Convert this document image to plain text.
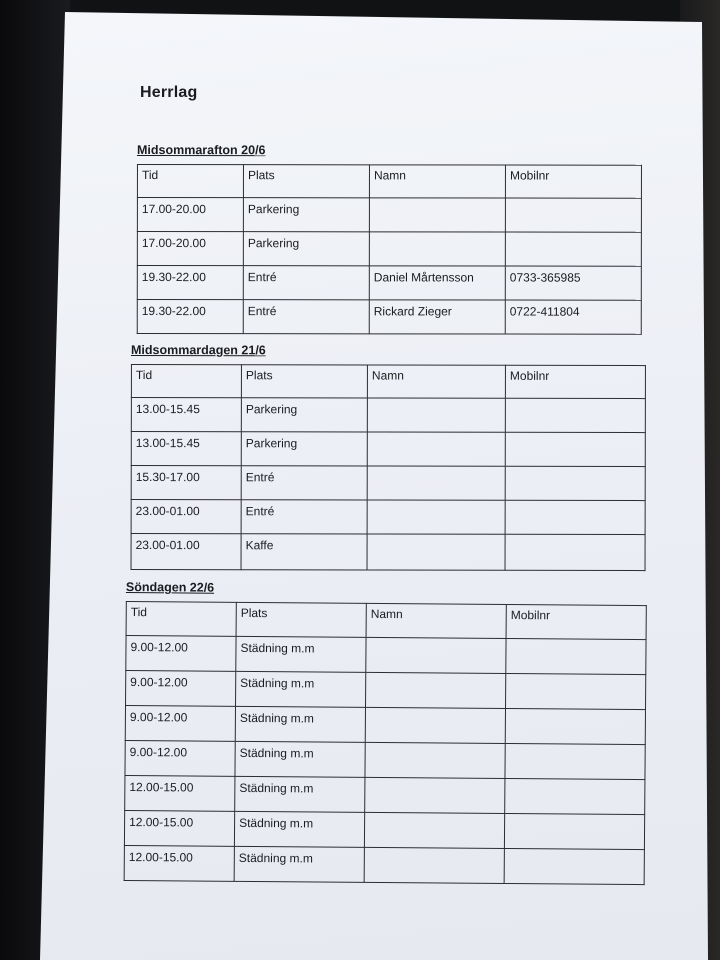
Herrlag
Midsommarafton 20/6
Tid	Plats	Namn	Mobilnr
17.00-20.00	Parkering		
17.00-20.00	Parkering		
19.30-22.00	Entré	Daniel Mårtensson	0733-365985
19.30-22.00	Entré	Rickard Zieger	0722-411804
Midsommardagen 21/6
Tid	Plats	Namn	Mobilnr
13.00-15.45	Parkering		
13.00-15.45	Parkering		
15.30-17.00	Entré		
23.00-01.00	Entré		
23.00-01.00	Kaffe		
Söndagen 22/6
Tid	Plats	Namn	Mobilnr
9.00-12.00	Städning m.m		
9.00-12.00	Städning m.m		
9.00-12.00	Städning m.m		
9.00-12.00	Städning m.m		
12.00-15.00	Städning m.m		
12.00-15.00	Städning m.m		
12.00-15.00	Städning m.m		
